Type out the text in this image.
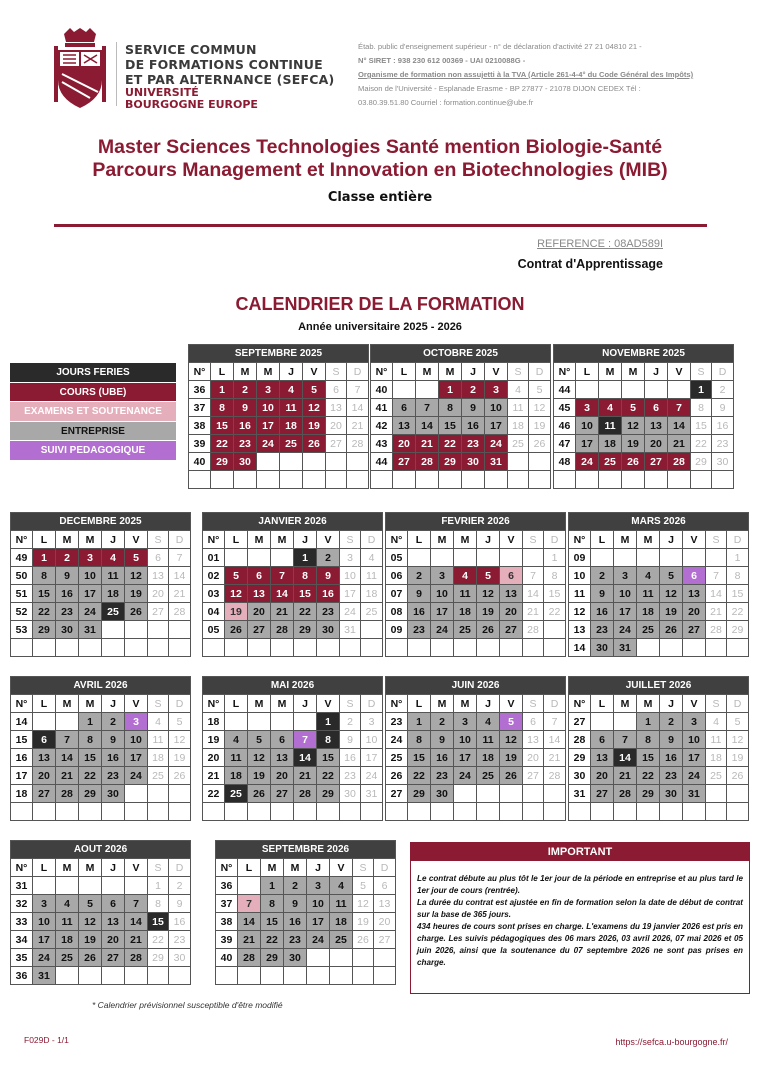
SERVICE COMMUN
DE FORMATIONS CONTINUE
ET PAR ALTERNANCE (SEFCA)
UNIVERSITÉ
BOURGOGNE EUROPE
Étab. public d'enseignement supérieur - n° de déclaration d'activité 27 21 04810 21 -
N° SIRET : 938 230 612 00369 - UAI 0210088G -
Organisme de formation non assujetti à la TVA (Article 261-4-4° du Code Général des Impôts)
Maison de l'Université - Esplanade Erasme - BP 27877 - 21078 DIJON CEDEX Tél :
03.80.39.51.80 Courriel : formation.continue@ube.fr
Master Sciences Technologies Santé mention Biologie-Santé
Parcours Management et Innovation en Biotechnologies (MIB)
Classe entière
REFERENCE : 08AD589I
Contrat d'Apprentissage
CALENDRIER DE LA FORMATION
Année universitaire 2025 - 2026
JOURS FERIES
COURS (UBE)
EXAMENS ET SOUTENANCE
ENTREPRISE
SUIVI PEDAGOGIQUE
SEPTEMBRE 2025							
N°	L	M	M	J	V	S	D
36	1	2	3	4	5	6	7
37	8	9	10	11	12	13	14
38	15	16	17	18	19	20	21
39	22	23	24	25	26	27	28
40	29	30					

OCTOBRE 2025							
N°	L	M	M	J	V	S	D
40			1	2	3	4	5
41	6	7	8	9	10	11	12
42	13	14	15	16	17	18	19
43	20	21	22	23	24	25	26
44	27	28	29	30	31		

NOVEMBRE 2025							
N°	L	M	M	J	V	S	D
44						1	2
45	3	4	5	6	7	8	9
46	10	11	12	13	14	15	16
47	17	18	19	20	21	22	23
48	24	25	26	27	28	29	30

DECEMBRE 2025							
N°	L	M	M	J	V	S	D
49	1	2	3	4	5	6	7
50	8	9	10	11	12	13	14
51	15	16	17	18	19	20	21
52	22	23	24	25	26	27	28
53	29	30	31				

JANVIER 2026							
N°	L	M	M	J	V	S	D
01				1	2	3	4
02	5	6	7	8	9	10	11
03	12	13	14	15	16	17	18
04	19	20	21	22	23	24	25
05	26	27	28	29	30	31	

FEVRIER 2026							
N°	L	M	M	J	V	S	D
05							1
06	2	3	4	5	6	7	8
07	9	10	11	12	13	14	15
08	16	17	18	19	20	21	22
09	23	24	25	26	27	28	

MARS 2026							
N°	L	M	M	J	V	S	D
09							1
10	2	3	4	5	6	7	8
11	9	10	11	12	13	14	15
12	16	17	18	19	20	21	22
13	23	24	25	26	27	28	29
14	30	31					
AVRIL 2026							
N°	L	M	M	J	V	S	D
14			1	2	3	4	5
15	6	7	8	9	10	11	12
16	13	14	15	16	17	18	19
17	20	21	22	23	24	25	26
18	27	28	29	30			

MAI 2026							
N°	L	M	M	J	V	S	D
18					1	2	3
19	4	5	6	7	8	9	10
20	11	12	13	14	15	16	17
21	18	19	20	21	22	23	24
22	25	26	27	28	29	30	31

JUIN 2026							
N°	L	M	M	J	V	S	D
23	1	2	3	4	5	6	7
24	8	9	10	11	12	13	14
25	15	16	17	18	19	20	21
26	22	23	24	25	26	27	28
27	29	30					

JUILLET 2026							
N°	L	M	M	J	V	S	D
27			1	2	3	4	5
28	6	7	8	9	10	11	12
29	13	14	15	16	17	18	19
30	20	21	22	23	24	25	26
31	27	28	29	30	31		

AOUT 2026							
N°	L	M	M	J	V	S	D
31						1	2
32	3	4	5	6	7	8	9
33	10	11	12	13	14	15	16
34	17	18	19	20	21	22	23
35	24	25	26	27	28	29	30
36	31						
SEPTEMBRE 2026							
N°	L	M	M	J	V	S	D
36		1	2	3	4	5	6
37	7	8	9	10	11	12	13
38	14	15	16	17	18	19	20
39	21	22	23	24	25	26	27
40	28	29	30				

IMPORTANT

Le contrat débute au plus tôt le 1er jour de la période en entreprise et au plus tard le 1er jour de cours (rentrée).

La durée du contrat est ajustée en fin de formation selon la date de début de contrat sur la base de 365 jours.

434 heures de cours sont prises en charge. L'examens du 19 janvier 2026 est pris en charge. Les suivis pédagogiques des 06 mars 2026, 03 avril 2026, 07 mai 2026 et 05 juin 2026, ainsi que la soutenance du 07 septembre 2026 ne sont pas prises en charge.

* Calendrier prévisionnel susceptible d'être modifié
F029D - 1/1	https://sefca.u-bourgogne.fr/
